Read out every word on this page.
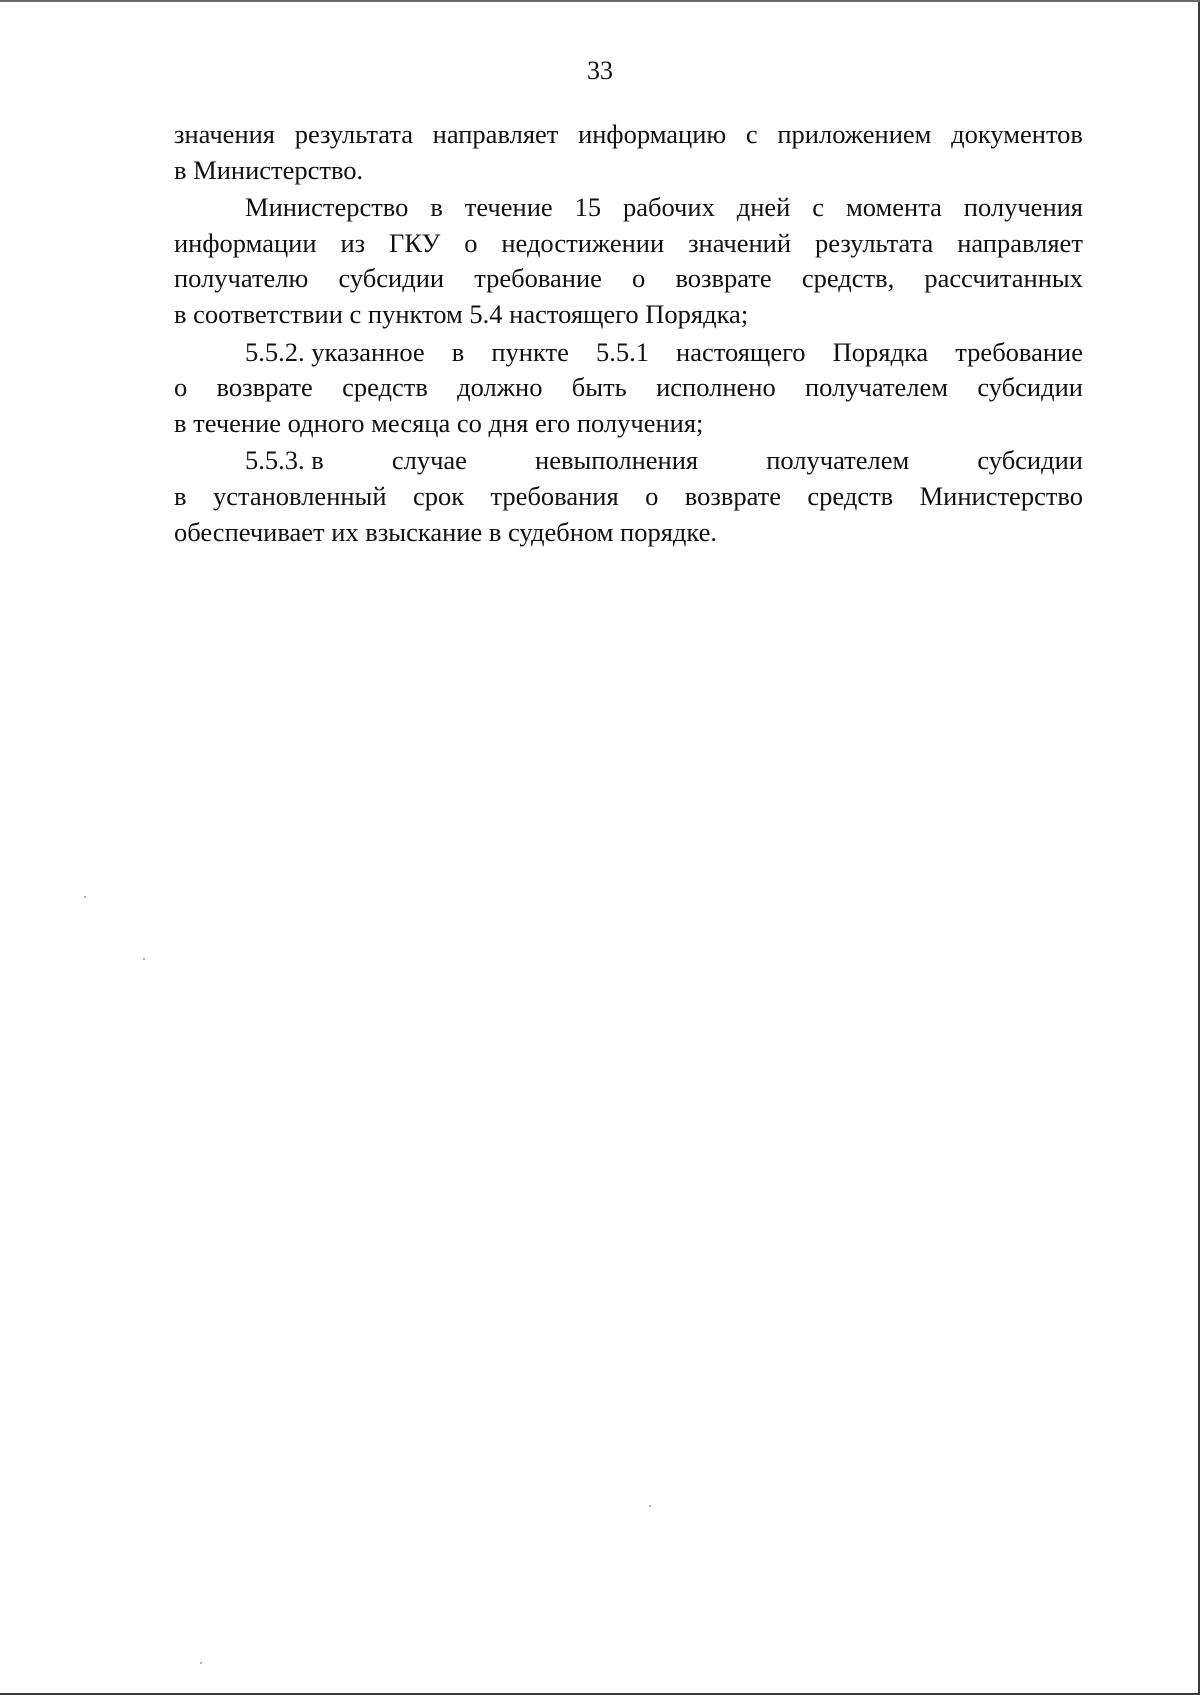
33
значения результата направляет информацию с приложением документов
в Министерство.
Министерство в течение 15 рабочих дней с момента получения
информации из ГКУ о недостижении значений результата направляет
получателю субсидии требование о возврате средств, рассчитанных
в соответствии с пунктом 5.4 настоящего Порядка;
5.5.2. указанное в пункте 5.5.1 настоящего Порядка требование
о возврате средств должно быть исполнено получателем субсидии
в течение одного месяца со дня его получения;
5.5.3. в	случае	невыполнения	получателем	субсидии
в установленный срок требования о возврате средств Министерство
обеспечивает их взыскание в судебном порядке.
